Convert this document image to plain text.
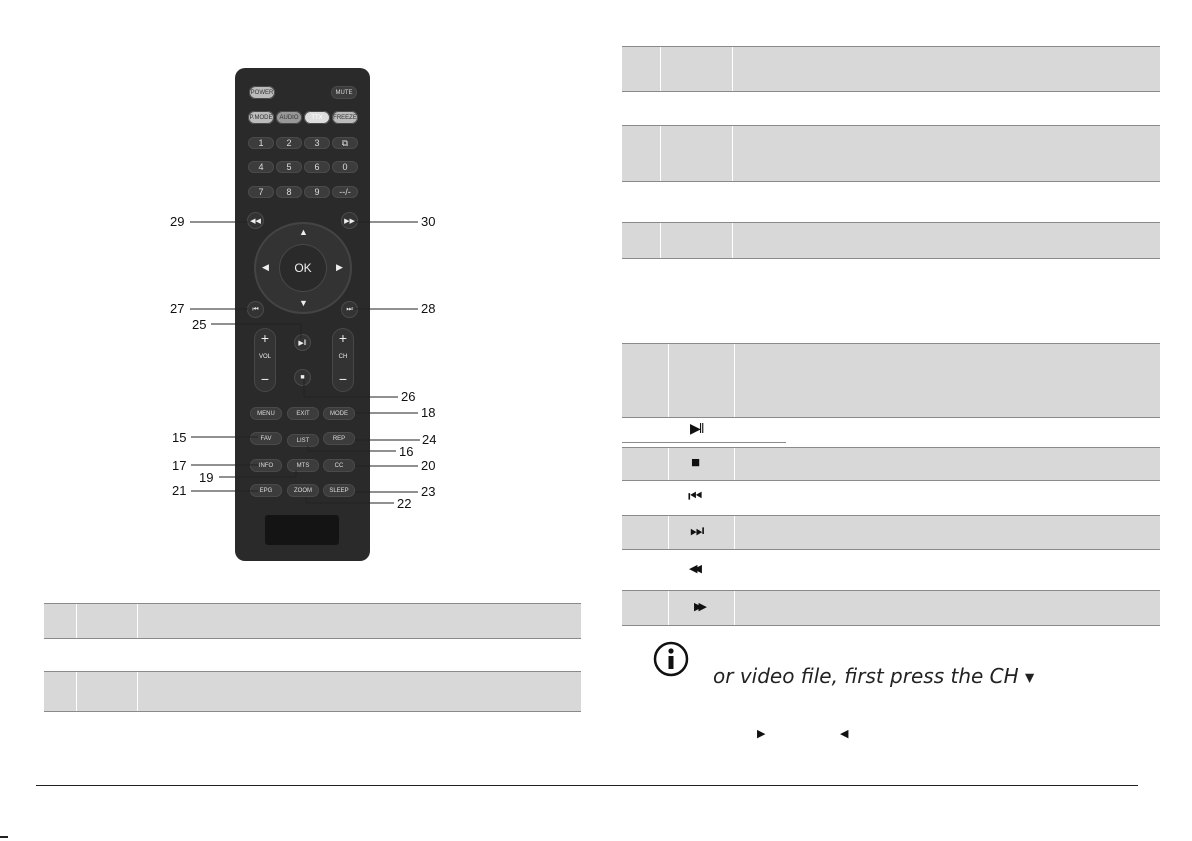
POWER	MUTE
P.MODE	AUDIO	TTX	FREEZE
1	2	3	⧉
4	5	6	0
7	8	9	--/-
◀◀	▶▶
▲
▼
◀	▶
OK
⏮	⏭
+
VOL
−
+
CH
−
▶‖
■
MENU	EXIT	MODE
FAV	LIST	REP
INFO	MTS	CC
EPG	ZOOM	SLEEP
29	30
27	28
25
26
18
15	24
16
17	20
19
21	23
22
▶‖
■
⏮
⏭
◀◀
▶▶
or video file, first press the CH ▼
▶	◀
